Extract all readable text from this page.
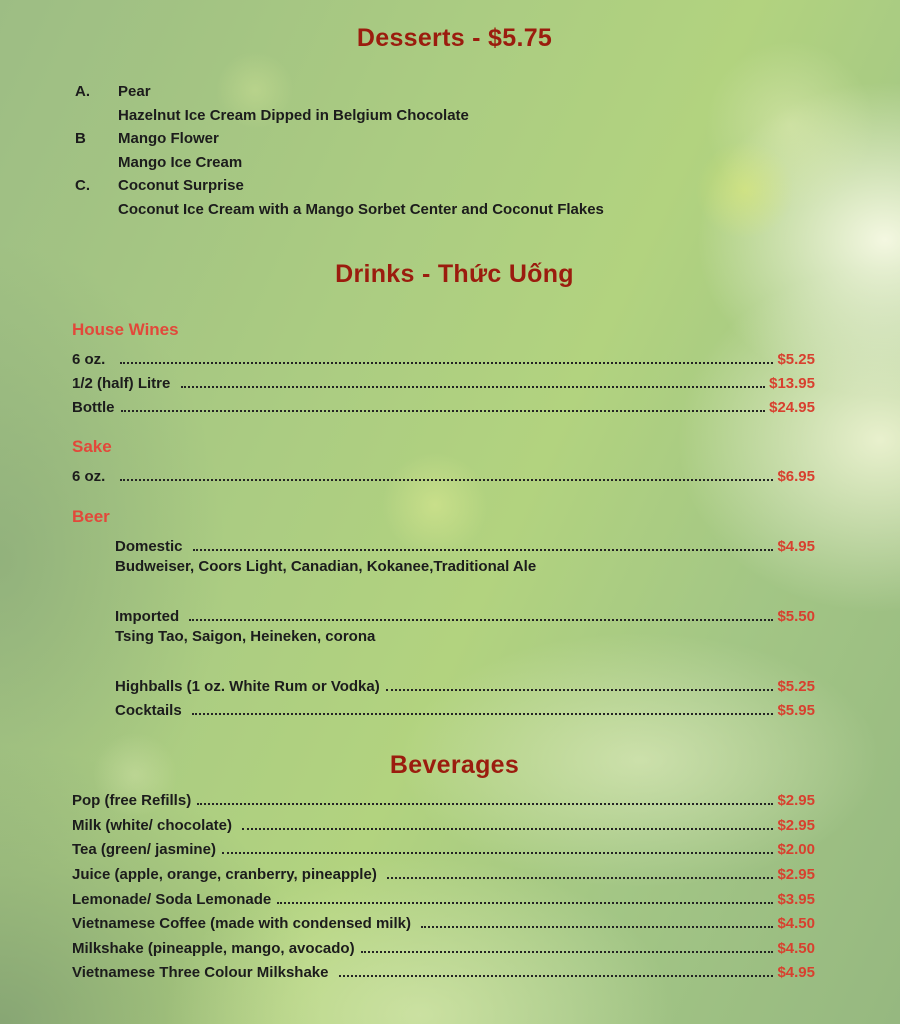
Desserts - $5.75
A.	Pear
Hazelnut Ice Cream Dipped in Belgium Chocolate
B	Mango Flower
Mango Ice Cream
C.	Coconut Surprise
Coconut Ice Cream with a Mango Sorbet Center and Coconut Flakes
Drinks - Thức Uống
House Wines
6 oz.	$5.25
1/2 (half) Litre	$13.95
Bottle	$24.95
Sake
6 oz.	$6.95
Beer
Domestic	$4.95
Budweiser, Coors Light, Canadian, Kokanee,Traditional Ale
Imported	$5.50
Tsing Tao, Saigon, Heineken, corona
Highballs (1 oz. White Rum or Vodka)	$5.25
Cocktails	$5.95
Beverages
Pop (free Refills)	$2.95
Milk (white/ chocolate)	$2.95
Tea (green/ jasmine)	$2.00
Juice (apple, orange, cranberry, pineapple)	$2.95
Lemonade/ Soda Lemonade	$3.95
Vietnamese Coffee (made with condensed milk)	$4.50
Milkshake (pineapple, mango, avocado)	$4.50
Vietnamese Three Colour Milkshake	$4.95
